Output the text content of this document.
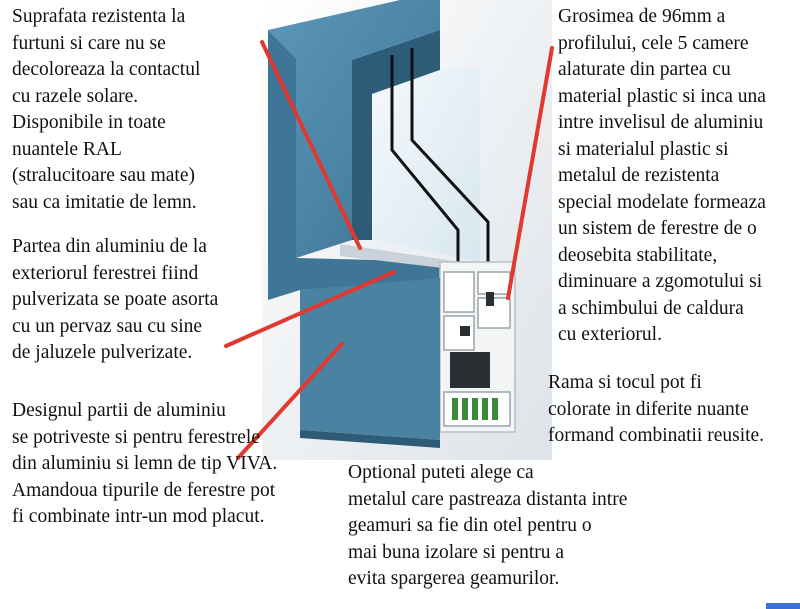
Suprafata rezistenta la
furtuni si care nu se
decoloreaza la contactul
cu razele solare.
Disponibile in toate
nuantele RAL
(stralucitoare sau mate)
sau ca imitatie de lemn.

Partea din aluminiu de la
exteriorul ferestrei fiind
pulverizata se poate asorta
cu un pervaz sau cu sine
de jaluzele pulverizate.

Designul partii de aluminiu
se potriveste si pentru ferestrele
din aluminiu si lemn de tip VIVA.
Amandoua tipurile de ferestre pot
fi combinate intr-un mod placut.

Grosimea de 96mm a
profilului, cele 5 camere
alaturate din partea cu
material plastic si inca una
intre invelisul de aluminiu
si materialul plastic si
metalul de rezistenta
special modelate formeaza
un sistem de ferestre de o
deosebita stabilitate,
diminuare a zgomotului si
a schimbului de caldura
cu exteriorul.

Rama si tocul pot fi
colorate in diferite nuante
formand combinatii reusite.

Optional puteti alege ca
metalul care pastreaza distanta intre
geamuri sa fie din otel pentru o
mai buna izolare si pentru a
evita spargerea geamurilor.
